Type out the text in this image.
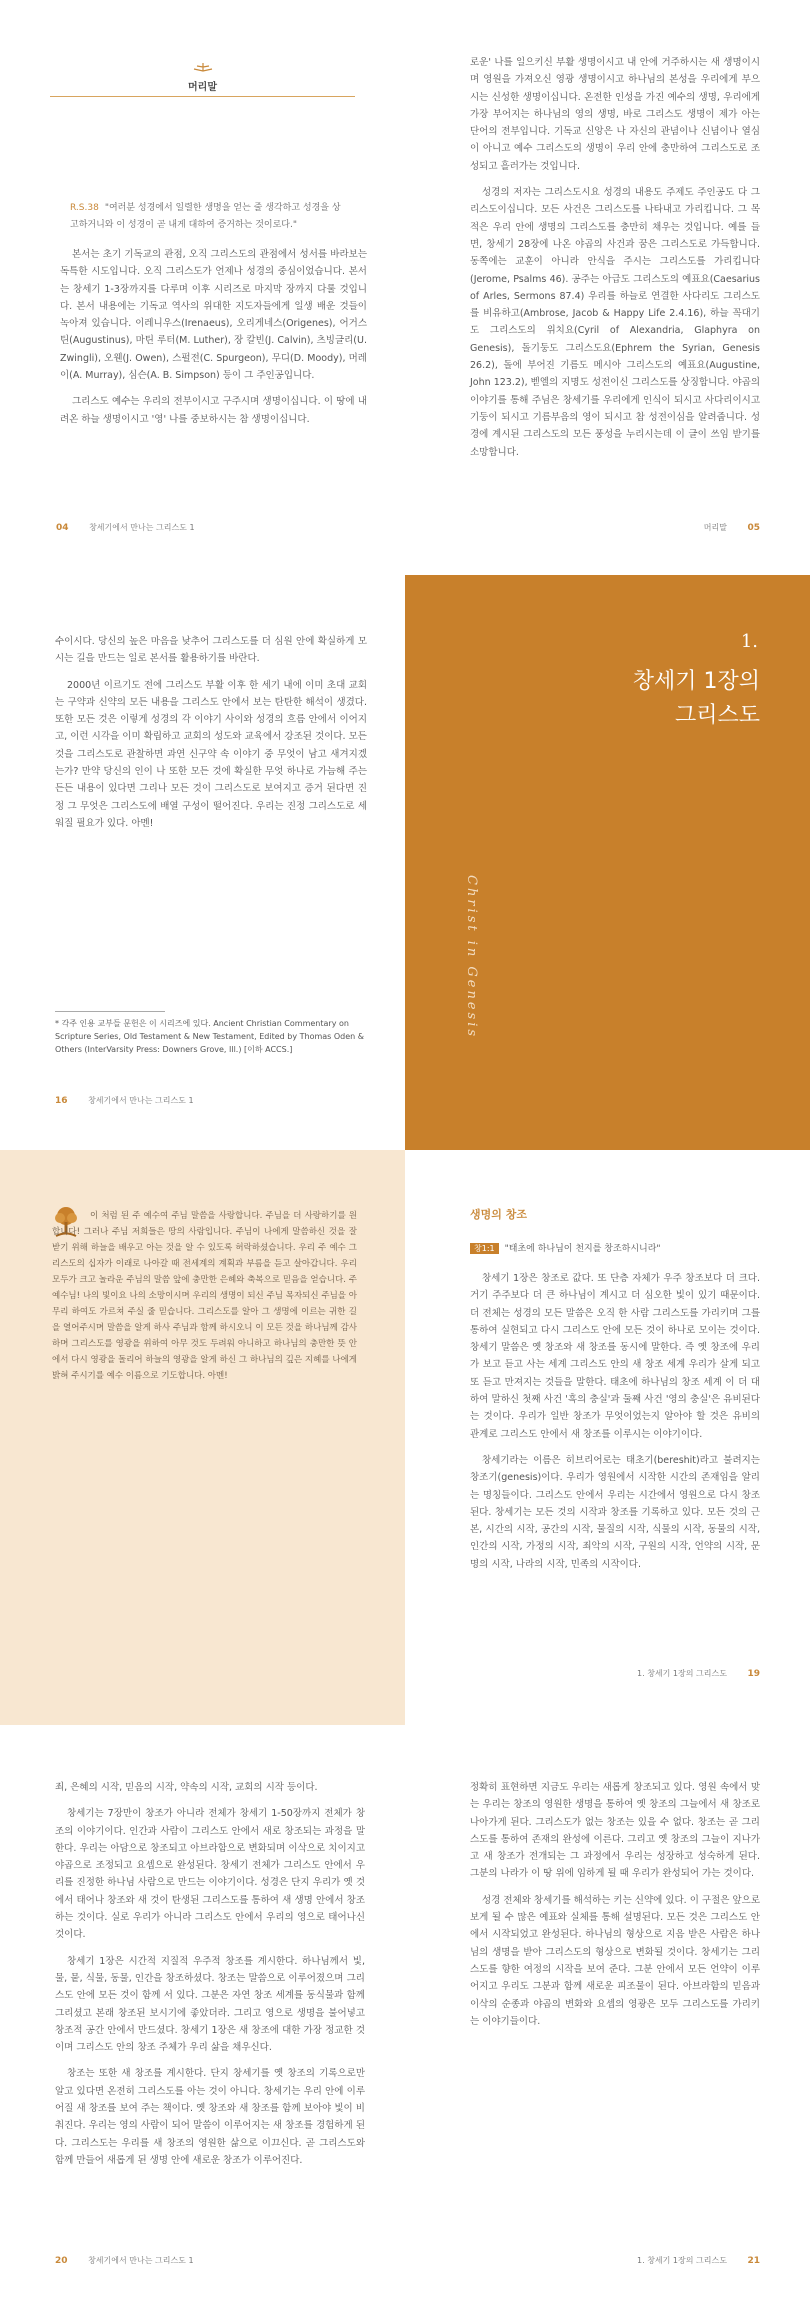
머리말
R.S.38 "여러분 성경에서 일렬한 생명을 얻는 줄 생각하고 성경을 상고하거니와 이 성경이 곧 내게 대하여 증거하는 것이로다."

본서는 초기 기독교의 관점, 오직 그리스도의 관점에서 성서를 바라보는 독특한 시도입니다. 오직 그리스도가 언제나 성경의 중심이었습니다. 본서는 창세기 1-3장까지를 다루며 이후 시리즈로 마지막 장까지 다룰 것입니다. 본서 내용에는 기독교 역사의 위대한 지도자들에게 일생 배운 것들이 녹아져 있습니다. 이레니우스(Irenaeus), 오리게네스(Origenes), 어거스틴(Augustinus), 마틴 루터(M. Luther), 장 칼빈(J. Calvin), 츠빙글리(U. Zwingli), 오웬(J. Owen), 스펄전(C. Spurgeon), 무디(D. Moody), 머레이(A. Murray), 심슨(A. B. Simpson) 등이 그 주인공입니다.

그리스도 예수는 우리의 전부이시고 구주시며 생명이십니다. 이 땅에 내려온 하늘 생명이시고 '영' 나를 중보하시는 참 생명이십니다.

04	창세기에서 만나는 그리스도 1

로운' 나를 일으키신 부활 생명이시고 내 안에 거주하시는 새 생명이시며 영원을 가져오신 영광 생명이시고 하나님의 본성을 우리에게 부으시는 신성한 생명이십니다. 온전한 인성을 가진 예수의 생명, 우리에게 가장 부어지는 하나님의 영의 생명, 바로 그리스도 생명이 제가 아는 단어의 전부입니다. 기독교 신앙은 나 자신의 관념이나 신념이나 열심이 아니고 예수 그리스도의 생명이 우리 안에 충만하여 그리스도로 조성되고 흘러가는 것입니다.

성경의 저자는 그리스도시요 성경의 내용도 주제도 주인공도 다 그리스도이십니다. 모든 사건은 그리스도를 나타내고 가리킵니다. 그 목적은 우리 안에 생명의 그리스도를 충만히 채우는 것입니다. 예를 들면, 창세기 28장에 나온 야곱의 사건과 꿈은 그리스도로 가득합니다. 동쪽에는 교훈이 아니라 안식을 주시는 그리스도를 가리킵니다(Jerome, Psalms 46). 공주는 아급도 그리스도의 예표요(Caesarius of Arles, Sermons 87.4) 우리를 하늘로 연결한 사다리도 그리스도를 비유하고(Ambrose, Jacob & Happy Life 2.4.16), 하늘 꼭대기도 그리스도의 위치요(Cyril of Alexandria, Glaphyra on Genesis), 돌기둥도 그리스도요(Ephrem the Syrian, Genesis 26.2), 돌에 부어진 기름도 메시아 그리스도의 예표요(Augustine, John 123.2), 벧엘의 지명도 성전이신 그리스도를 상징합니다. 야곱의 이야기를 통해 주님은 창세기를 우리에게 인식이 되시고 사다리이시고 기둥이 되시고 기름부음의 영이 되시고 참 성전이심을 알려줍니다. 성경에 계시된 그리스도의 모든 풍성을 누리시는데 이 글이 쓰임 받기를 소망합니다.

머리말 05

수이시다. 당신의 높은 마음을 낮추어 그리스도를 더 심원 안에 확실하게 모시는 길을 만드는 일로 본서를 활용하기를 바란다.

2000년 이르기도 전에 그리스도 부활 이후 한 세기 내에 이미 초대 교회는 구약과 신약의 모든 내용을 그리스도 안에서 보는 탄탄한 해석이 생겼다. 또한 모든 것은 이렇게 성경의 각 이야기 사이와 성경의 흐름 안에서 이어지고, 이런 시각을 이미 확립하고 교회의 성도와 교육에서 강조된 것이다. 모든 것을 그리스도로 관찰하면 과연 신구약 속 이야기 중 무엇이 남고 새겨지겠는가? 만약 당신의 인이 나 또한 모든 것에 확실한 무엇 하나로 가늠해 주는 든든 내용이 있다면 그리나 모든 것이 그리스도로 보여지고 증거 된다면 진정 그 무엇은 그리스도에 배열 구성이 떨어진다. 우리는 진정 그리스도로 세워질 필요가 있다. 아멘!

* 각주 인용 교부들 문헌은 이 시리즈에 있다. Ancient Christian Commentary on Scripture Series, Old Testament & New Testament, Edited by Thomas Oden & Others (InterVarsity Press: Downers Grove, Ill.) [이하 ACCS.]
16	창세기에서 만나는 그리스도 1
1.
창세기 1장의
그리스도
Christ in Genesis
이 처럼 된 주 예수여 주님 말씀을 사랑합니다. 주님을 더 사랑하기를 원합니다! 그러나 주님 저희들은 땅의 사람입니다. 주님이 나에게 말씀하신 것을 잘 받기 위해 하늘을 배우고 아는 것을 알 수 있도록 허락하셨습니다. 우리 주 예수 그리스도의 십자가 이래로 나아갈 때 전세계의 계획과 부름을 듣고 살아갑니다. 우리 모두가 크고 놀라운 주님의 말씀 앞에 충만한 은혜와 축복으로 믿음을 얻습니다. 주 예수님! 나의 빛이요 나의 소망이시며 우리의 생명이 되신 주님 목자되신 주님을 아무리 하여도 가르쳐 주실 줄 믿습니다. 그리스도를 알아 그 생명에 이르는 귀한 길을 열어주시며 말씀을 알게 하사 주님과 함께 하시오니 이 모든 것을 하나님께 감사하며 그리스도를 영광을 위하여 아무 것도 두려워 아니하고 하나님의 충만한 뜻 안에서 다시 영광을 돌리어 하늘의 영광을 알게 하신 그 하나님의 깊은 지혜를 나에게 밝혀 주시기를 예수 이름으로 기도합니다. 아멘!
생명의 창조
창1:1 "태초에 하나님이 천지를 창조하시니라"

창세기 1장은 창조로 값다. 또 단층 자체가 우주 창조보다 더 크다. 거기 주주보다 더 큰 하나님이 계시고 더 심오한 빛이 있기 때문이다. 더 전체는 성경의 모든 말씀은 오직 한 사람 그리스도를 가리키며 그를 통하여 실현되고 다시 그리스도 안에 모든 것이 하나로 모이는 것이다. 창세기 말씀은 옛 창조와 새 창조를 동시에 말한다. 즉 옛 창조에 우리가 보고 듣고 사는 세계 그리스도 안의 새 창조 세계 우리가 살게 되고 또 듣고 만져지는 것들을 말한다. 태초에 하나님의 창조 세계 이 더 대하여 말하신 첫째 사건 '흑의 충실'과 둘째 사건 '영의 충실'은 유비된다는 것이다. 우리가 일반 창조가 무엇이었는지 알아야 할 것은 유비의 관계로 그리스도 안에서 새 창조를 이루시는 이야기이다.

창세기라는 이름은 히브리어로는 태초기(bereshit)라고 불려지는 창조기(genesis)이다. 우리가 영원에서 시작한 시간의 존재임을 알리는 명칭들이다. 그리스도 안에서 우리는 시간에서 영원으로 다시 창조된다. 창세기는 모든 것의 시작과 창조를 기록하고 있다. 모든 것의 근본, 시간의 시작, 공간의 시작, 물질의 시작, 식물의 시작, 동물의 시작, 인간의 시작, 가정의 시작, 죄악의 시작, 구원의 시작, 언약의 시작, 문명의 시작, 나라의 시작, 민족의 시작이다.

1. 창세기 1장의 그리스도 19

죄, 은혜의 시작, 믿음의 시작, 약속의 시작, 교회의 시작 등이다.

창세기는 7장만이 창조가 아니라 전체가 창세기 1-50장까지 전체가 창조의 이야기이다. 인간과 사람이 그리스도 안에서 새로 창조되는 과정을 말한다. 우리는 아담으로 창조되고 아브라함으로 변화되며 이삭으로 치이지고 야곱으로 조정되고 요셉으로 완성된다. 창세기 전체가 그리스도 안에서 우리를 진정한 하나님 사람으로 만드는 이야기이다. 성경은 단지 우리가 옛 것에서 태어나 창조와 새 것이 탄생된 그리스도를 통하여 새 생명 안에서 창조하는 것이다. 실로 우리가 아니라 그리스도 안에서 우리의 영으로 태어나신 것이다.

창세기 1장은 시간적 지질적 우주적 창조를 계시한다. 하나님께서 빛, 물, 뭍, 식물, 동물, 인간을 창조하셨다. 창조는 말씀으로 이루어졌으며 그리스도 안에 모든 것이 함께 서 있다. 그분은 자연 창조 세계를 동식물과 함께 그리셨고 본래 창조된 보시기에 좋았더라. 그리고 영으로 생명을 불어넣고 창조적 공간 안에서 만드셨다. 창세기 1장은 새 창조에 대한 가장 정교한 것이며 그리스도 안의 창조 주체가 우리 삶을 채우신다.

창조는 또한 새 창조를 계시한다. 단지 창세기를 옛 창조의 기록으로만 알고 있다면 온전히 그리스도를 아는 것이 아니다. 창세기는 우리 안에 이루어질 새 창조를 보여 주는 책이다. 옛 창조와 새 창조를 함께 보아야 빛이 비춰진다. 우리는 영의 사람이 되어 말씀이 이루어지는 새 창조를 경험하게 된다. 그리스도는 우리를 새 창조의 영원한 삶으로 이끄신다. 곧 그리스도와 함께 만들어 새롭게 된 생명 안에 새로운 창조가 이루어진다.

20	창세기에서 만나는 그리스도 1

정확히 표현하면 지금도 우리는 새롭게 창조되고 있다. 영원 속에서 맞는 우리는 창조의 영원한 생명을 통하여 옛 창조의 그늘에서 새 창조로 나아가게 된다. 그리스도가 없는 창조는 있을 수 없다. 창조는 곧 그리스도를 통하여 존재의 완성에 이른다. 그리고 옛 창조의 그늘이 지나가고 새 창조가 전개되는 그 과정에서 우리는 성장하고 성숙하게 된다. 그분의 나라가 이 땅 위에 임하게 될 때 우리가 완성되어 가는 것이다.

성경 전체와 창세기를 해석하는 키는 신약에 있다. 이 구절은 앞으로 보게 될 수 많은 예표와 실체를 통해 설명된다. 모든 것은 그리스도 안에서 시작되었고 완성된다. 하나님의 형상으로 지음 받은 사람은 하나님의 생명을 받아 그리스도의 형상으로 변화될 것이다. 창세기는 그리스도를 향한 여정의 시작을 보여 준다. 그분 안에서 모든 언약이 이루어지고 우리도 그분과 함께 새로운 피조물이 된다. 아브라함의 믿음과 이삭의 순종과 야곱의 변화와 요셉의 영광은 모두 그리스도를 가리키는 이야기들이다.

1. 창세기 1장의 그리스도 21
